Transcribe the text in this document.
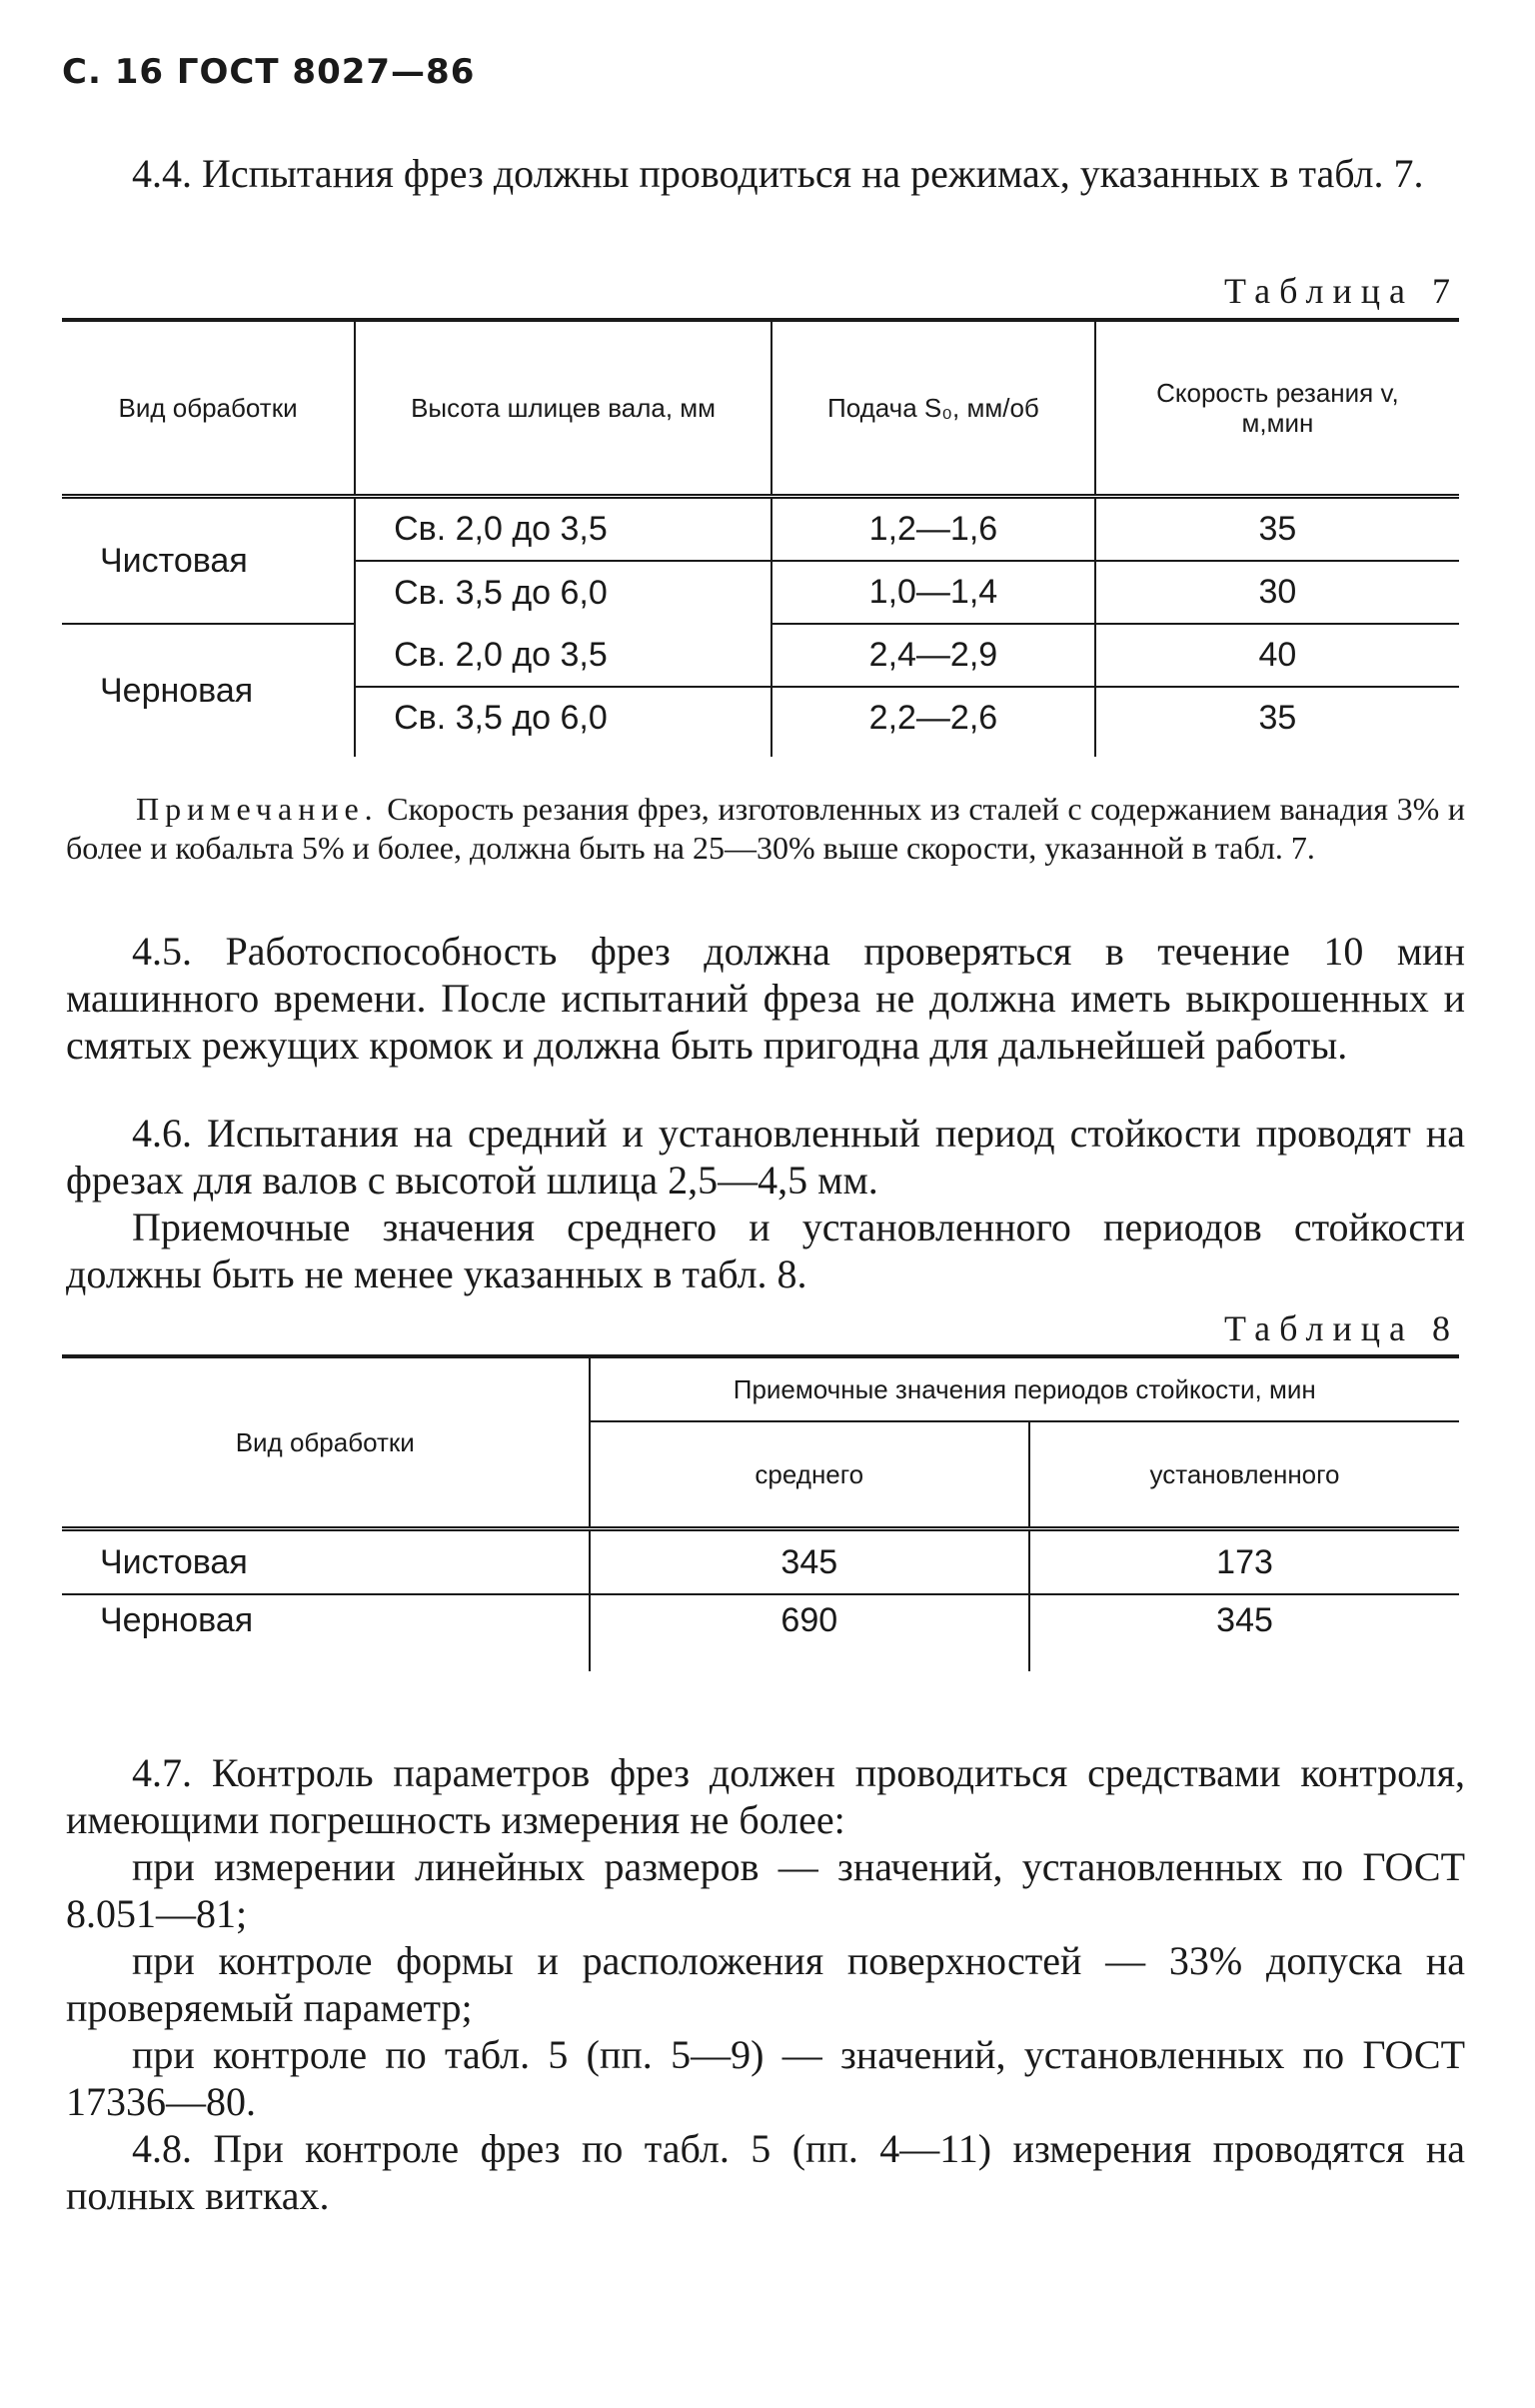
С. 16 ГОСТ 8027—86
4.4. Испытания фрез должны проводиться на режимах, указанных в табл. 7.
Таблица 7
Вид обработки	Высота шлицев вала, мм	Подача S₀, мм/об	Скорость резания v, м,мин
Чистовая	Св. 2,0 до 3,5	1,2—1,6	35
	Св. 3,5 до 6,0	1,0—1,4	30
Черновая	Св. 2,0 до 3,5	2,4—2,9	40
	Св. 3,5 до 6,0	2,2—2,6	35
Примечание. Скорость резания фрез, изготовленных из сталей с содержанием ванадия 3% и более и кобальта 5% и более, должна быть на 25—30% выше скорости, указанной в табл. 7.
4.5. Работоспособность фрез должна проверяться в течение 10 мин машинного времени. После испытаний фреза не должна иметь выкрошенных и смятых режущих кромок и должна быть пригодна для дальнейшей работы.
4.6. Испытания на средний и установленный период стойкости проводят на фрезах для валов с высотой шлица 2,5—4,5 мм.
Приемочные значения среднего и установленного периодов стойкости должны быть не менее указанных в табл. 8.
Таблица 8
Вид обработки	Приемочные значения периодов стойкости, мин	
	среднего	установленного
Чистовая	345	173
Черновая	690	345
4.7. Контроль параметров фрез должен проводиться средствами контроля, имеющими погрешность измерения не более:
при измерении линейных размеров — значений, установленных по ГОСТ 8.051—81;
при контроле формы и расположения поверхностей — 33% допуска на проверяемый параметр;
при контроле по табл. 5 (пп. 5—9) — значений, установленных по ГОСТ 17336—80.
4.8. При контроле фрез по табл. 5 (пп. 4—11) измерения проводятся на полных витках.
